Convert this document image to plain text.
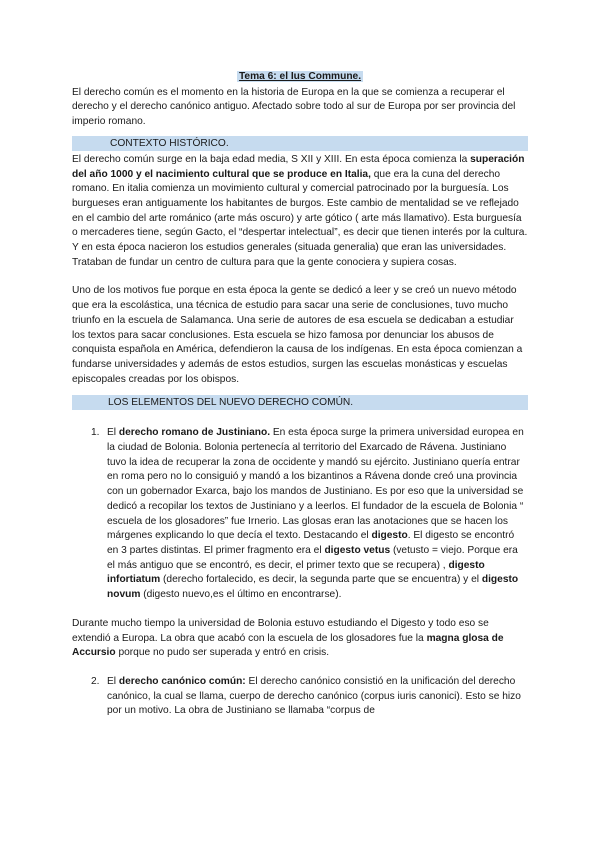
Tema 6: el Ius Commune.

El derecho común es el momento en la historia de Europa en la que se comienza a recuperar el derecho y el derecho canónico antiguo. Afectado sobre todo al sur de Europa por ser provincia del imperio romano.

CONTEXTO HISTÓRICO.

El derecho común surge en la baja edad media, S XII y XIII. En esta época comienza la superación del año 1000 y el nacimiento cultural que se produce en Italia, que era la cuna del derecho romano. En italia comienza un movimiento cultural y comercial patrocinado por la burguesía. Los burgueses eran antiguamente los habitantes de burgos. Este cambio de mentalidad se ve reflejado en el cambio del arte románico (arte más oscuro) y arte gótico ( arte más llamativo). Esta burguesía o mercaderes tiene, según Gacto, el “despertar intelectual”, es decir que tienen interés por la cultura. Y en esta época nacieron los estudios generales (situada generalia) que eran las universidades. Trataban de fundar un centro de cultura para que la gente conociera y supiera cosas.

Uno de los motivos fue porque en esta época la gente se dedicó a leer y se creó un nuevo método que era la escolástica, una técnica de estudio para sacar una serie de conclusiones, tuvo mucho triunfo en la escuela de Salamanca. Una serie de autores de esa escuela se dedicaban a estudiar los textos para sacar conclusiones. Esta escuela se hizo famosa por denunciar los abusos de conquista española en América, defendieron la causa de los indígenas. En esta época comienzan a fundarse universidades y además de estos estudios, surgen las escuelas monásticas y escuelas episcopales creadas por los obispos.

LOS ELEMENTOS DEL NUEVO DERECHO COMÚN.
1. El derecho romano de Justiniano. En esta época surge la primera universidad europea en la ciudad de Bolonia. Bolonia pertenecía al territorio del Exarcado de Rávena. Justiniano tuvo la idea de recuperar la zona de occidente y mandó su ejército. Justiniano quería entrar en roma pero no lo consiguió y mandó a los bizantinos a Rávena donde creó una provincia con un gobernador Exarca, bajo los mandos de Justiniano. Es por eso que la universidad se dedicó a recopilar los textos de Justiniano y a leerlos. El fundador de la escuela de Bolonia “ escuela de los glosadores” fue Irnerio. Las glosas eran las anotaciones que se hacen los márgenes explicando lo que decía el texto. Destacando el digesto. El digesto se encontró en 3 partes distintas. El primer fragmento era el digesto vetus (vetusto = viejo. Porque era el más antiguo que se encontró, es decir, el primer texto que se recupera) , digesto infortiatum (derecho fortalecido, es decir, la segunda parte que se encuentra) y el digesto novum (digesto nuevo,es el último en encontrarse).

Durante mucho tiempo la universidad de Bolonia estuvo estudiando el Digesto y todo eso se extendió a Europa. La obra que acabó con la escuela de los glosadores fue la magna glosa de Accursio porque no pudo ser superada y entró en crisis.

2. El derecho canónico común: El derecho canónico consistió en la unificación del derecho canónico, la cual se llama, cuerpo de derecho canónico (corpus iuris canonici). Esto se hizo por un motivo. La obra de Justiniano se llamaba “corpus de
